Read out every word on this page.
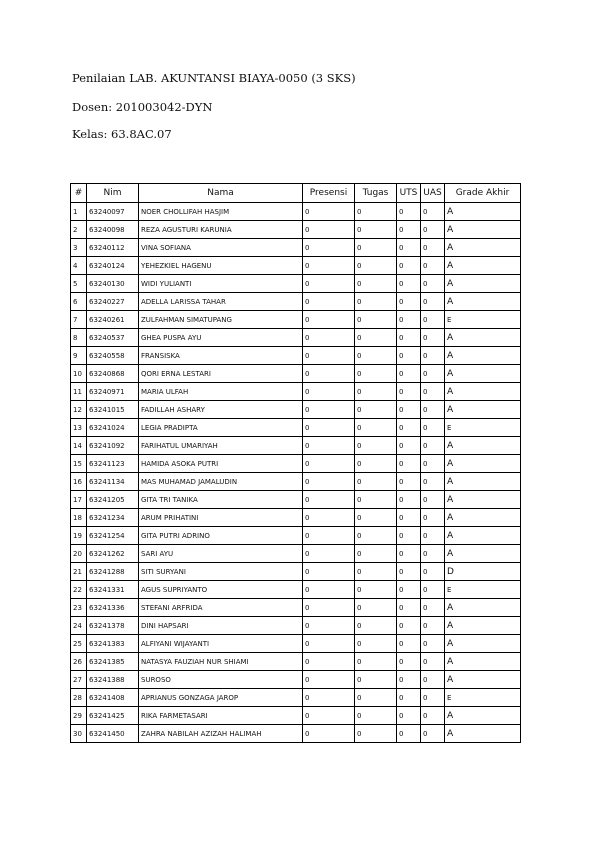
Penilaian LAB. AKUNTANSI BIAYA-0050 (3 SKS)
Dosen: 201003042-DYN
Kelas: 63.8AC.07
#	Nim	Nama	Presensi	Tugas	UTS	UAS	Grade Akhir
1	63240097	NOER CHOLLIFAH HASJIM	0	0	0	0	A
2	63240098	REZA AGUSTURI KARUNIA	0	0	0	0	A
3	63240112	VINA SOFIANA	0	0	0	0	A
4	63240124	YEHEZKIEL HAGENU	0	0	0	0	A
5	63240130	WIDI YULIANTI	0	0	0	0	A
6	63240227	ADELLA LARISSA TAHAR	0	0	0	0	A
7	63240261	ZULFAHMAN SIMATUPANG	0	0	0	0	E
8	63240537	GHEA PUSPA AYU	0	0	0	0	A
9	63240558	FRANSISKA	0	0	0	0	A
10	63240868	QORI ERNA LESTARI	0	0	0	0	A
11	63240971	MARIA ULFAH	0	0	0	0	A
12	63241015	FADILLAH ASHARY	0	0	0	0	A
13	63241024	LEGIA PRADIPTA	0	0	0	0	E
14	63241092	FARIHATUL UMARIYAH	0	0	0	0	A
15	63241123	HAMIDA ASOKA PUTRI	0	0	0	0	A
16	63241134	MAS MUHAMAD JAMALUDIN	0	0	0	0	A
17	63241205	GITA TRI TANIKA	0	0	0	0	A
18	63241234	ARUM PRIHATINI	0	0	0	0	A
19	63241254	GITA PUTRI ADRINO	0	0	0	0	A
20	63241262	SARI AYU	0	0	0	0	A
21	63241288	SITI SURYANI	0	0	0	0	D
22	63241331	AGUS SUPRIYANTO	0	0	0	0	E
23	63241336	STEFANI ARFRIDA	0	0	0	0	A
24	63241378	DINI HAPSARI	0	0	0	0	A
25	63241383	ALFIYANI WIJAYANTI	0	0	0	0	A
26	63241385	NATASYA FAUZIAH NUR SHIAMI	0	0	0	0	A
27	63241388	SUROSO	0	0	0	0	A
28	63241408	APRIANUS GONZAGA JAROP	0	0	0	0	E
29	63241425	RIKA FARMETASARI	0	0	0	0	A
30	63241450	ZAHRA NABILAH AZIZAH HALIMAH	0	0	0	0	A
